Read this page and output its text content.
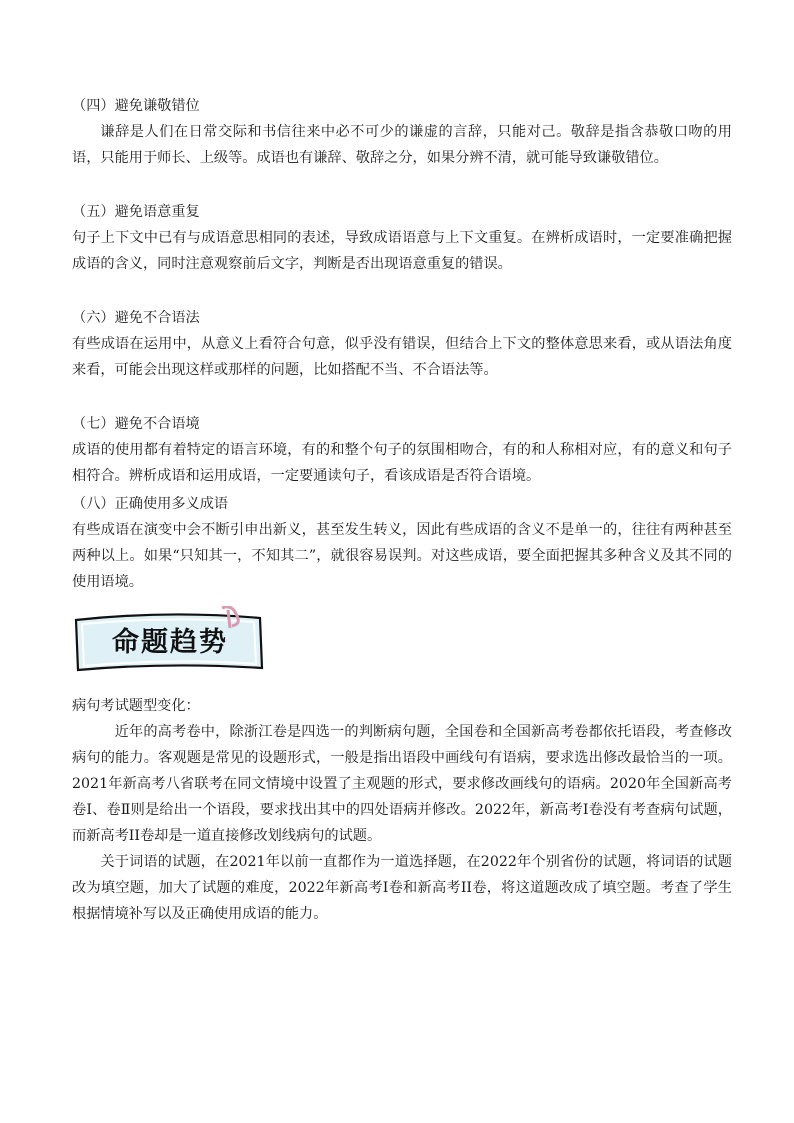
（四）避免谦敬错位

谦辞是人们在日常交际和书信往来中必不可少的谦虚的言辞，只能对己。敬辞是指含恭敬口吻的用语，只能用于师长、上级等。成语也有谦辞、敬辞之分，如果分辨不清，就可能导致谦敬错位。

（五）避免语意重复

句子上下文中已有与成语意思相同的表述，导致成语语意与上下文重复。在辨析成语时，一定要准确把握成语的含义，同时注意观察前后文字，判断是否出现语意重复的错误。

（六）避免不合语法

有些成语在运用中，从意义上看符合句意，似乎没有错误，但结合上下文的整体意思来看，或从语法角度来看，可能会出现这样或那样的问题，比如搭配不当、不合语法等。

（七）避免不合语境

成语的使用都有着特定的语言环境，有的和整个句子的氛围相吻合，有的和人称相对应，有的意义和句子相符合。辨析成语和运用成语，一定要通读句子，看该成语是否符合语境。

（八）正确使用多义成语

有些成语在演变中会不断引申出新义，甚至发生转义，因此有些成语的含义不是单一的，往往有两种甚至两种以上。如果“只知其一，不知其二”，就很容易误判。对这些成语，要全面把握其多种含义及其不同的使用语境。

命题趋势

病句考试题型变化：

近年的高考卷中，除浙江卷是四选一的判断病句题，全国卷和全国新高考卷都依托语段，考查修改病句的能力。客观题是常见的设题形式，一般是指出语段中画线句有语病，要求选出修改最恰当的一项。2021年新高考八省联考在同文情境中设置了主观题的形式，要求修改画线句的语病。2020年全国新高考卷Ⅰ、卷Ⅱ则是给出一个语段，要求找出其中的四处语病并修改。2022年，新高考I卷没有考查病句试题，而新高考II卷却是一道直接修改划线病句的试题。

关于词语的试题，在2021年以前一直都作为一道选择题，在2022年个别省份的试题，将词语的试题改为填空题，加大了试题的难度，2022年新高考I卷和新高考II卷，将这道题改成了填空题。考查了学生根据情境补写以及正确使用成语的能力。
